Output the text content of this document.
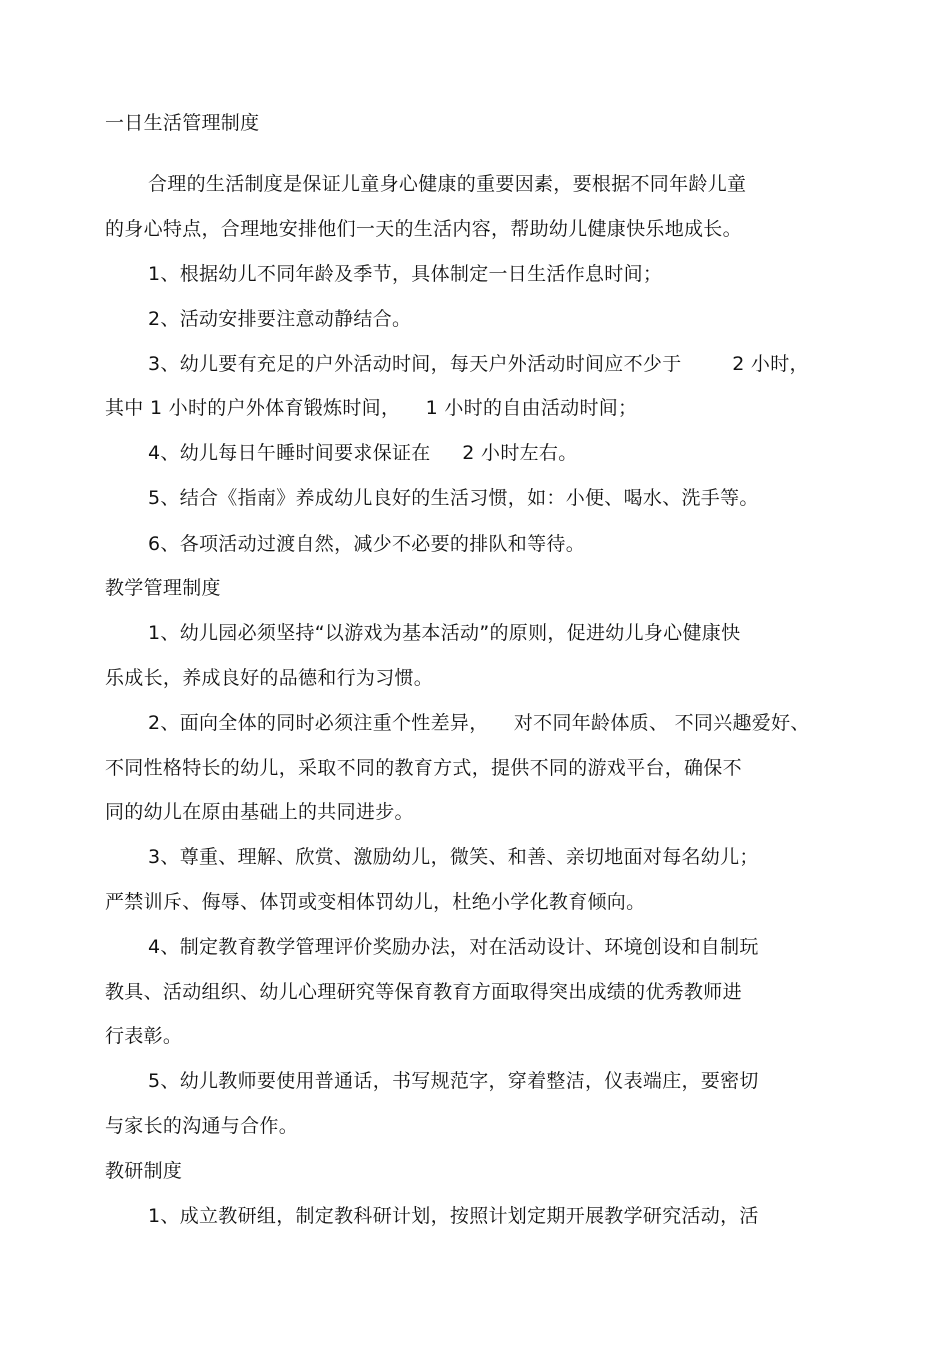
一日生活管理制度
合理的生活制度是保证儿童身心健康的重要因素，要根据不同年龄儿童
的身心特点，合理地安排他们一天的生活内容，帮助幼儿健康快乐地成长。
1、根据幼儿不同年龄及季节，具体制定一日生活作息时间；
2、活动安排要注意动静结合。
3、幼儿要有充足的户外活动时间，每天户外活动时间应不少于        2 小时，
其中 1 小时的户外体育锻炼时间，    1 小时的自由活动时间；
4、幼儿每日午睡时间要求保证在     2 小时左右。
5、结合《指南》养成幼儿良好的生活习惯，如：小便、喝水、洗手等。
6、各项活动过渡自然，减少不必要的排队和等待。
教学管理制度
1、幼儿园必须坚持“以游戏为基本活动”的原则，促进幼儿身心健康快
乐成长，养成良好的品德和行为习惯。
2、面向全体的同时必须注重个性差异，    对不同年龄体质、 不同兴趣爱好、
不同性格特长的幼儿，采取不同的教育方式，提供不同的游戏平台，确保不
同的幼儿在原由基础上的共同进步。
3、尊重、理解、欣赏、激励幼儿，微笑、和善、亲切地面对每名幼儿；
严禁训斥、侮辱、体罚或变相体罚幼儿，杜绝小学化教育倾向。
4、制定教育教学管理评价奖励办法，对在活动设计、环境创设和自制玩
教具、活动组织、幼儿心理研究等保育教育方面取得突出成绩的优秀教师进
行表彰。
5、幼儿教师要使用普通话，书写规范字，穿着整洁，仪表端庄，要密切
与家长的沟通与合作。
教研制度
1、成立教研组，制定教科研计划，按照计划定期开展教学研究活动，活
